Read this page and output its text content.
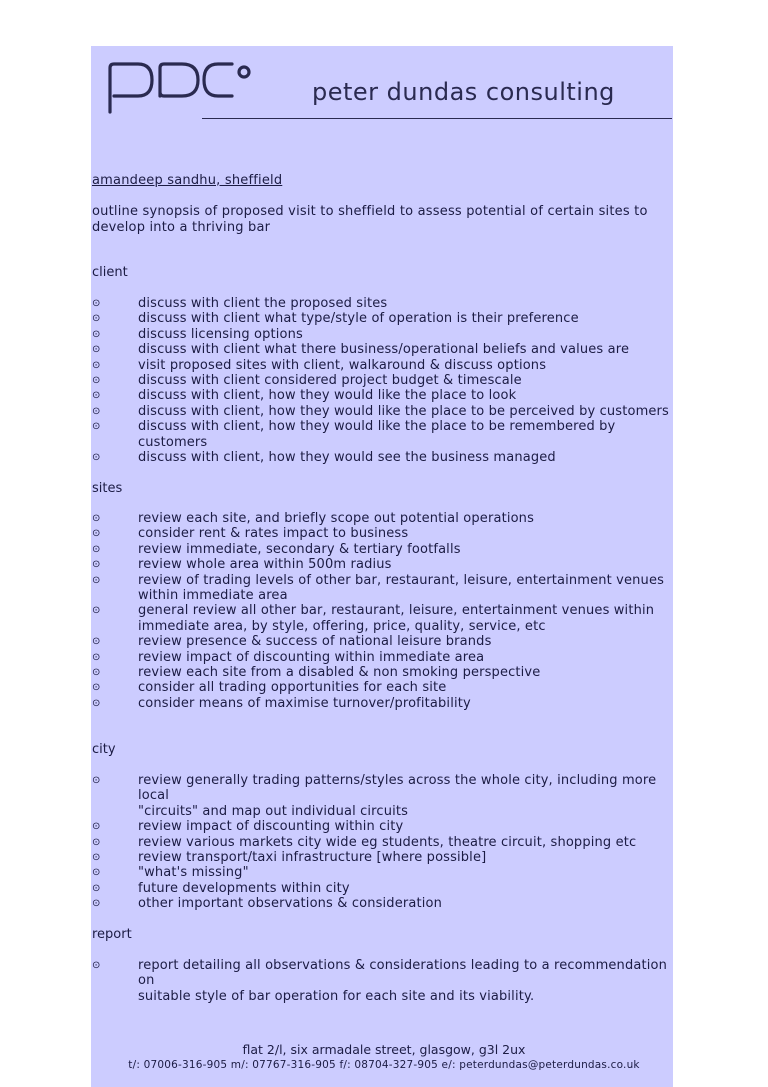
peter dundas consulting
amandeep sandhu, sheffield
outline synopsis of proposed visit to sheffield to assess potential of certain sites to
develop into a thriving bar
client
⊙	discuss with client the proposed sites
⊙	discuss with client what type/style of operation is their preference
⊙	discuss licensing options
⊙	discuss with client what there business/operational beliefs and values are
⊙	visit proposed sites with client, walkaround & discuss options
⊙	discuss with client considered project budget & timescale
⊙	discuss with client, how they would like the place to look
⊙	discuss with client, how they would like the place to be perceived by customers
⊙	discuss with client, how they would like the place to be remembered by customers
⊙	discuss with client, how they would see the business managed
sites
⊙	review each site, and briefly scope out potential operations
⊙	consider rent & rates impact to business
⊙	review immediate, secondary & tertiary footfalls
⊙	review whole area within 500m radius
⊙	review of trading levels of other bar, restaurant, leisure, entertainment venues
within immediate area
⊙	general review all other bar, restaurant, leisure, entertainment venues within
immediate area, by style, offering, price, quality, service, etc
⊙	review presence & success of national leisure brands
⊙	review impact of discounting within immediate area
⊙	review each site from a disabled & non smoking perspective
⊙	consider all trading opportunities for each site
⊙	consider means of maximise turnover/profitability
city
⊙	review generally trading patterns/styles across the whole city, including more local
"circuits" and map out individual circuits
⊙	review impact of discounting within city
⊙	review various markets city wide eg students, theatre circuit, shopping etc
⊙	review transport/taxi infrastructure [where possible]
⊙	"what's missing"
⊙	future developments within city
⊙	other important observations & consideration
report
⊙	report detailing all observations & considerations leading to a recommendation on
suitable style of bar operation for each site and its viability.
flat 2/l, six armadale street, glasgow, g3l 2ux
t/: 07006-316-905 m/: 07767-316-905 f/: 08704-327-905 e/: peterdundas@peterdundas.co.uk
